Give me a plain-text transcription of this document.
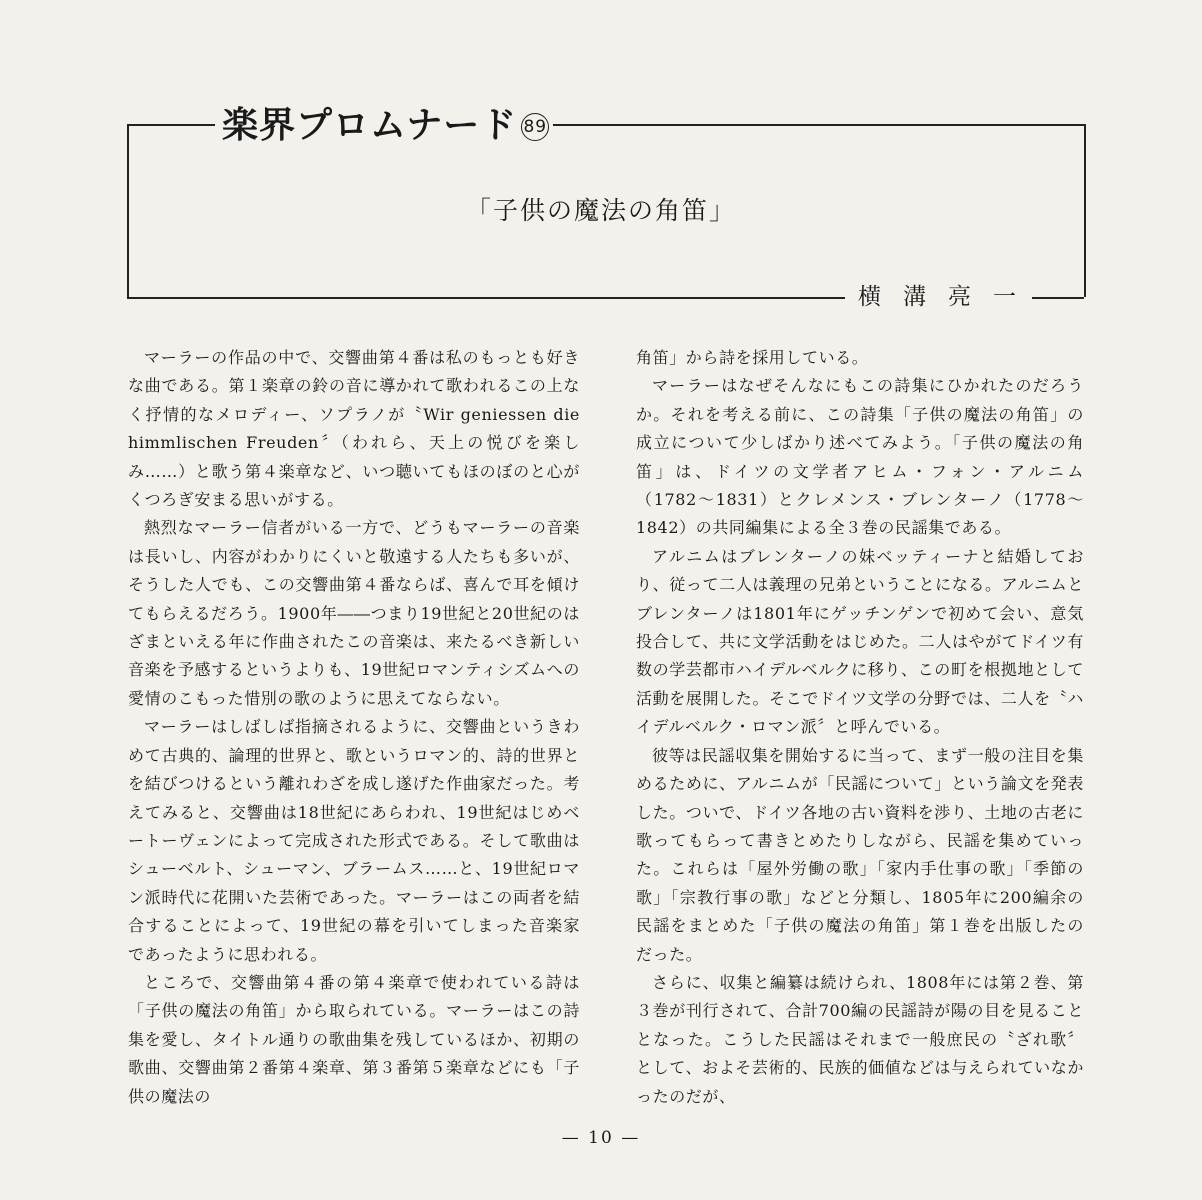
楽界プロムナード 89
「子供の魔法の角笛」
横溝亮一

マーラーの作品の中で、交響曲第４番は私のもっとも好きな曲である。第１楽章の鈴の音に導かれて歌われるこの上なく抒情的なメロディー、ソプラノが〝Wir geniessen die himmlischen Freuden〞（われら、天上の悦びを楽しみ……）と歌う第４楽章など、いつ聴いてもほのぼのと心がくつろぎ安まる思いがする。

熱烈なマーラー信者がいる一方で、どうもマーラーの音楽は長いし、内容がわかりにくいと敬遠する人たちも多いが、そうした人でも、この交響曲第４番ならば、喜んで耳を傾けてもらえるだろう。1900年――つまり19世紀と20世紀のはざまといえる年に作曲されたこの音楽は、来たるべき新しい音楽を予感するというよりも、19世紀ロマンティシズムへの愛情のこもった惜別の歌のように思えてならない。

マーラーはしばしば指摘されるように、交響曲というきわめて古典的、論理的世界と、歌というロマン的、詩的世界とを結びつけるという離れわざを成し遂げた作曲家だった。考えてみると、交響曲は18世紀にあらわれ、19世紀はじめベートーヴェンによって完成された形式である。そして歌曲はシューベルト、シューマン、ブラームス……と、19世紀ロマン派時代に花開いた芸術であった。マーラーはこの両者を結合することによって、19世紀の幕を引いてしまった音楽家であったように思われる。

ところで、交響曲第４番の第４楽章で使われている詩は「子供の魔法の角笛」から取られている。マーラーはこの詩集を愛し、タイトル通りの歌曲集を残しているほか、初期の歌曲、交響曲第２番第４楽章、第３番第５楽章などにも「子供の魔法の

角笛」から詩を採用している。

マーラーはなぜそんなにもこの詩集にひかれたのだろうか。それを考える前に、この詩集「子供の魔法の角笛」の成立について少しばかり述べてみよう。「子供の魔法の角笛」は、ドイツの文学者アヒム・フォン・アルニム（1782〜1831）とクレメンス・ブレンターノ（1778〜1842）の共同編集による全３巻の民謡集である。

アルニムはブレンターノの妹ベッティーナと結婚しており、従って二人は義理の兄弟ということになる。アルニムとブレンターノは1801年にゲッチンゲンで初めて会い、意気投合して、共に文学活動をはじめた。二人はやがてドイツ有数の学芸都市ハイデルベルクに移り、この町を根拠地として活動を展開した。そこでドイツ文学の分野では、二人を〝ハイデルベルク・ロマン派〞と呼んでいる。

彼等は民謡収集を開始するに当って、まず一般の注目を集めるために、アルニムが「民謡について」という論文を発表した。ついで、ドイツ各地の古い資料を渉り、土地の古老に歌ってもらって書きとめたりしながら、民謡を集めていった。これらは「屋外労働の歌」「家内手仕事の歌」「季節の歌」「宗教行事の歌」などと分類し、1805年に200編余の民謡をまとめた「子供の魔法の角笛」第１巻を出版したのだった。

さらに、収集と編纂は続けられ、1808年には第２巻、第３巻が刊行されて、合計700編の民謡詩が陽の目を見ることとなった。こうした民謡はそれまで一般庶民の〝ざれ歌〞として、およそ芸術的、民族的価値などは与えられていなかったのだが、

— 10 —
